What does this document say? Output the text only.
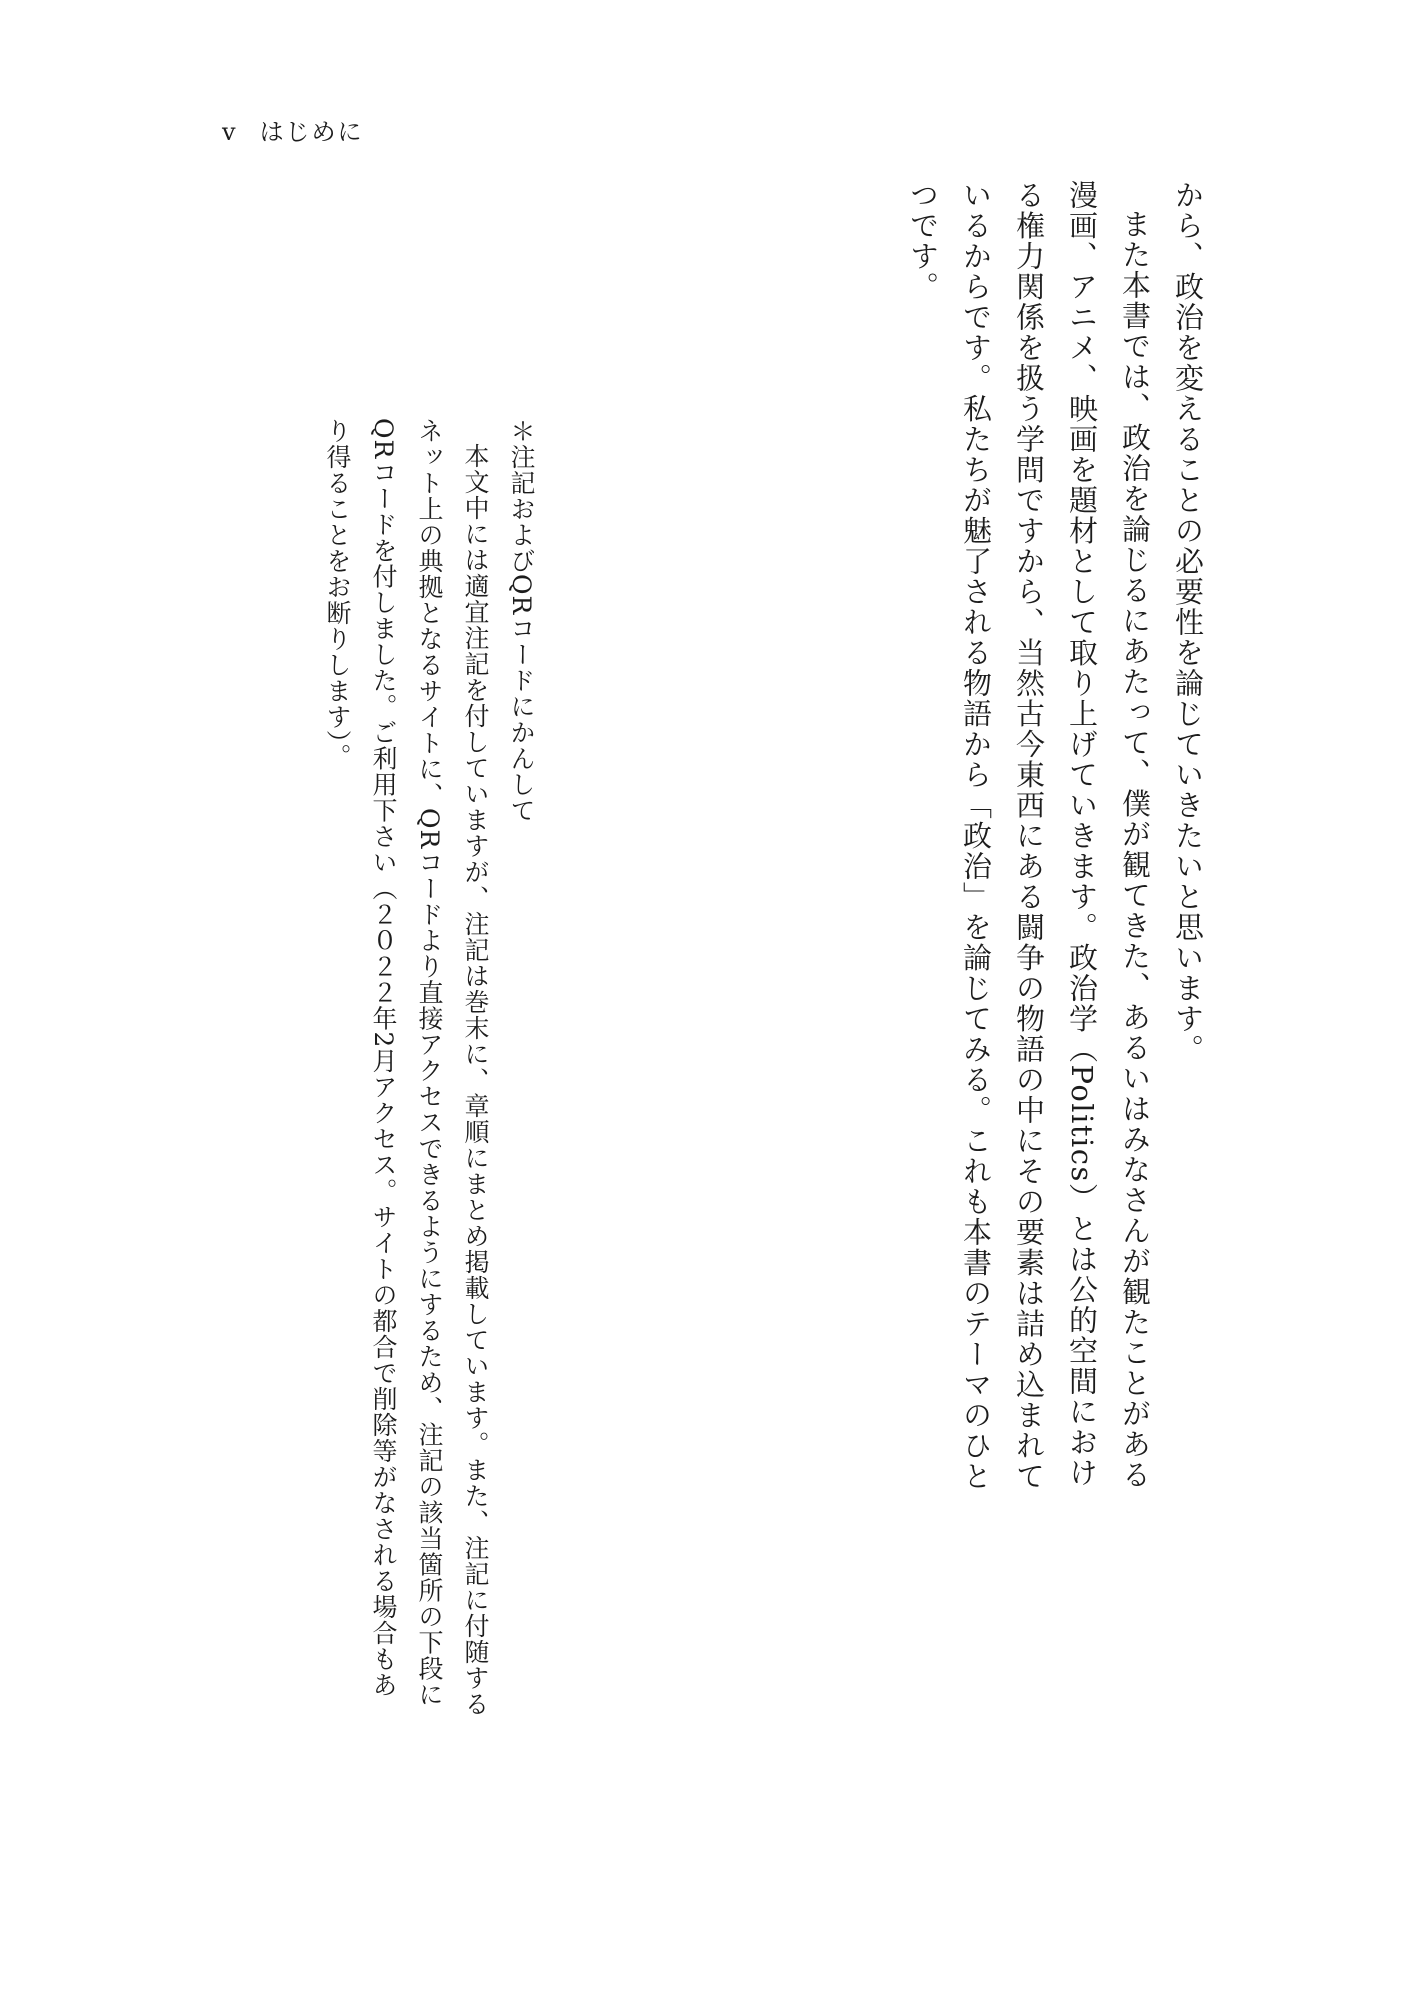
v はじめに

から、政治を変えることの必要性を論じていきたいと思います。

また本書では、政治を論じるにあたって、僕が観てきた、あるいはみなさんが観たことがある漫画、アニメ、映画を題材として取り上げていきます。政治学（Politics）とは公的空間における権力関係を扱う学問ですから、当然古今東西にある闘争の物語の中にその要素は詰め込まれているからです。私たちが魅了される物語から「政治」を論じてみる。これも本書のテーマのひとつです。

＊注記およびQRコードにかんして

本文中には適宜注記を付していますが、注記は巻末に、章順にまとめ掲載しています。また、注記に付随するネット上の典拠となるサイトに、QRコードより直接アクセスできるようにするため、注記の該当箇所の下段にQRコードを付しました。ご利用下さい（２０２２年2月アクセス。サイトの都合で削除等がなされる場合もあり得ることをお断りします）。
